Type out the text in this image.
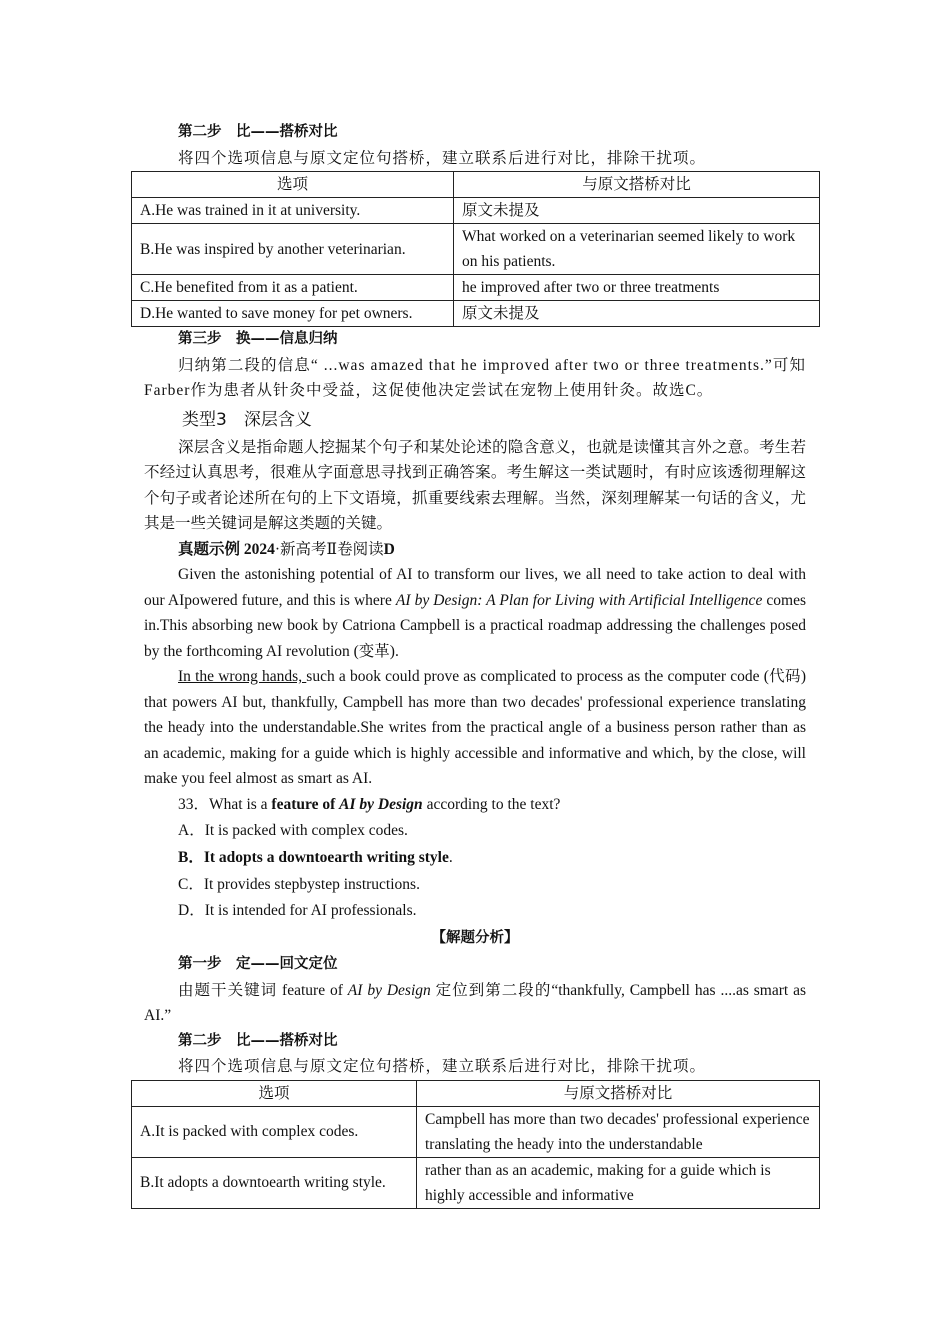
第二步　比——搭桥对比

将四个选项信息与原文定位句搭桥，建立联系后进行对比，排除干扰项。

选项	与原文搭桥对比
A.He was trained in it at university.	原文未提及
B.He was inspired by another veterinarian.	What worked on a veterinarian seemed likely to work on his patients.
C.He benefited from it as a patient.	he improved after two or three treatments
D.He wanted to save money for pet owners.	原文未提及

第三步　换——信息归纳

归纳第二段的信息“ ...was amazed that he improved after two or three treatments.”可知Farber作为患者从针灸中受益，这促使他决定尝试在宠物上使用针灸。故选C。

类型3　深层含义

深层含义是指命题人挖掘某个句子和某处论述的隐含意义，也就是读懂其言外之意。考生若不经过认真思考，很难从字面意思寻找到正确答案。考生解这一类试题时，有时应该透彻理解这个句子或者论述所在句的上下文语境，抓重要线索去理解。当然，深刻理解某一句话的含义，尤其是一些关键词是解这类题的关键。

真题示例 2024·新高考Ⅱ卷阅读D

Given the astonishing potential of AI to transform our lives, we all need to take action to deal with our AIpowered future, and this is where AI by Design: A Plan for Living with Artificial Intelligence comes in.This absorbing new book by Catriona Campbell is a practical roadmap addressing the challenges posed by the forthcoming AI revolution (变革).

In the wrong hands, such a book could prove as complicated to process as the computer code (代码) that powers AI but, thankfully, Campbell has more than two decades' professional experience translating the heady into the understandable.She writes from the practical angle of a business person rather than as an academic, making for a guide which is highly accessible and informative and which, by the close, will make you feel almost as smart as AI.

33．What is a feature of AI by Design according to the text?

A．It is packed with complex codes.

B．It adopts a downtoearth writing style.

C．It provides stepbystep instructions.

D．It is intended for AI professionals.

【解题分析】

第一步　定——回文定位

由题干关键词 feature of AI by Design 定位到第二段的“thankfully, Campbell has ....as smart as AI.”

第二步　比——搭桥对比

将四个选项信息与原文定位句搭桥，建立联系后进行对比，排除干扰项。

选项	与原文搭桥对比
A.It is packed with complex codes.	Campbell has more than two decades' professional experience translating the heady into the understandable
B.It adopts a downtoearth writing style.	rather than as an academic, making for a guide which is highly accessible and informative
